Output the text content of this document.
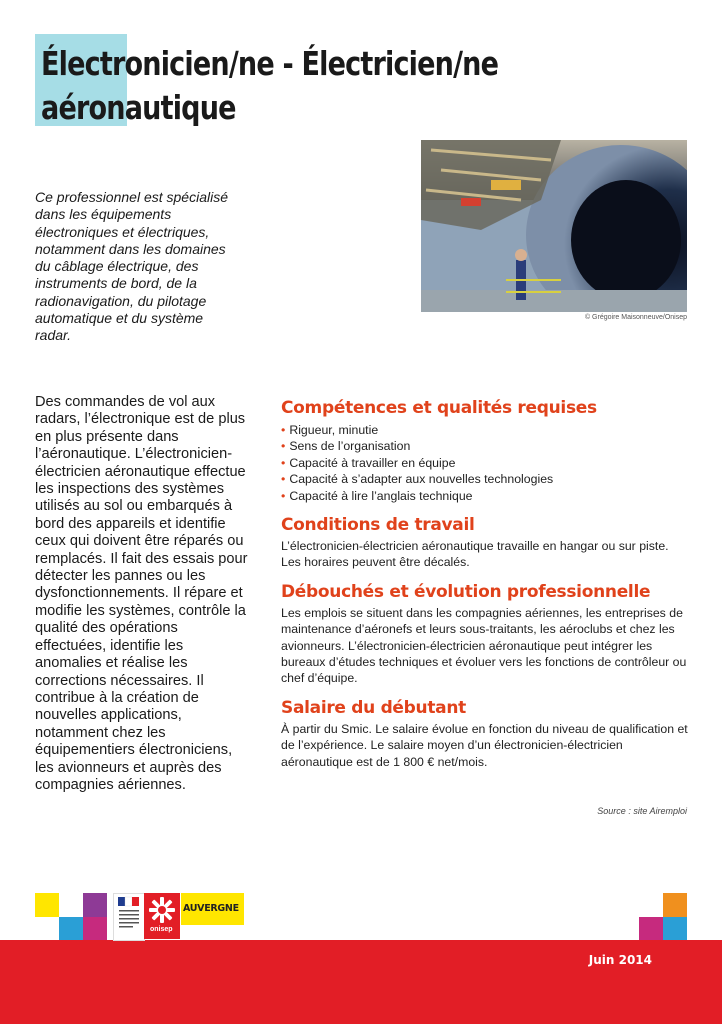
Électronicien/ne - Électricien/ne
aéronautique
© Grégoire Maisonneuve/Onisep
Ce professionnel est spécialisé dans les équipements électroniques et électriques, notamment dans les domaines du câblage électrique, des instruments de bord, de la radionavigation, du pilotage automatique et du système radar.
Des commandes de vol aux radars, l’électronique est de plus en plus présente dans l’aéronautique. L’électronicien-électricien aéronautique effectue les inspections des systèmes utilisés au sol ou embarqués à bord des appareils et identifie ceux qui doivent être réparés ou remplacés. Il fait des essais pour détecter les pannes ou les dysfonctionnements. Il répare et modifie les systèmes, contrôle la qualité des opérations effectuées, identifie les anomalies et réalise les corrections nécessaires. Il contribue à la création de nouvelles applications, notamment chez les équipementiers électroniciens, les avionneurs et auprès des compagnies aériennes.
Compétences et qualités requises
• Rigueur, minutie
• Sens de l’organisation
• Capacité à travailler en équipe
• Capacité à s’adapter aux nouvelles technologies
• Capacité à lire l’anglais technique
Conditions de travail

L’électronicien-électricien aéronautique travaille en hangar ou sur piste. Les horaires peuvent être décalés.

Débouchés et évolution professionnelle

Les emplois se situent dans les compagnies aériennes, les entreprises de maintenance d’aéronefs et leurs sous-traitants, les aéroclubs et chez les avionneurs. L’électronicien-électricien aéronautique peut intégrer les bureaux d’études techniques et évoluer vers les fonctions de contrôleur ou chef d’équipe.

Salaire du débutant

À partir du Smic. Le salaire évolue en fonction du niveau de qualification et de l’expérience. Le salaire moyen d’un électronicien-électricien aéronautique est de 1 800 € net/mois.

Source : site Airemploi
Juin 2014
onisep
AUVERGNE
